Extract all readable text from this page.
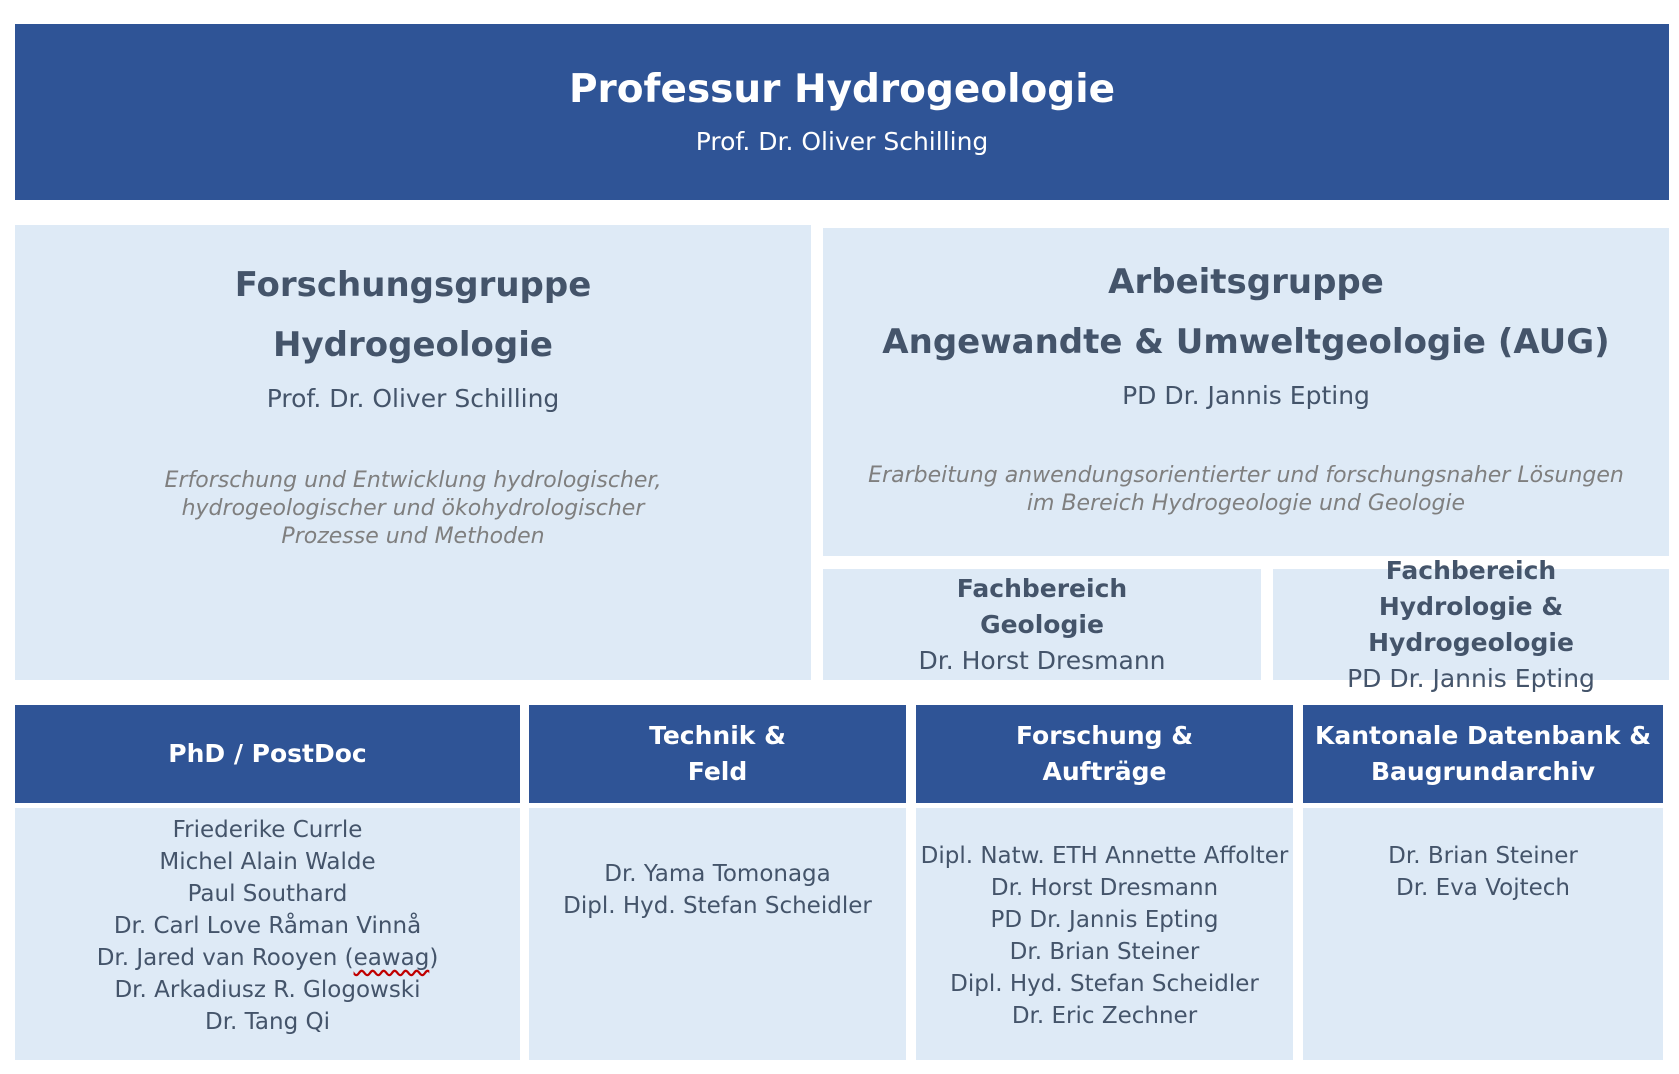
Professur Hydrogeologie
Prof. Dr. Oliver Schilling
Forschungsgruppe
Hydrogeologie
Prof. Dr. Oliver Schilling
Erforschung und Entwicklung hydrologischer,
hydrogeologischer und ökohydrologischer
Prozesse und Methoden
Arbeitsgruppe
Angewandte & Umweltgeologie (AUG)
PD Dr. Jannis Epting
Erarbeitung anwendungsorientierter und forschungsnaher Lösungen
im Bereich Hydrogeologie und Geologie
Fachbereich
Geologie
Dr. Horst Dresmann
Fachbereich
Hydrologie & Hydrogeologie
PD Dr. Jannis Epting
PhD / PostDoc
Friederike Currle
Michel Alain Walde
Paul Southard
Dr. Carl Love Råman Vinnå
Dr. Jared van Rooyen (eawag)
Dr. Arkadiusz R. Glogowski
Dr. Tang Qi
Technik &
Feld
Dr. Yama Tomonaga
Dipl. Hyd. Stefan Scheidler
Forschung &
Aufträge
Dipl. Natw. ETH Annette Affolter
Dr. Horst Dresmann
PD Dr. Jannis Epting
Dr. Brian Steiner
Dipl. Hyd. Stefan Scheidler
Dr. Eric Zechner
Kantonale Datenbank &
Baugrundarchiv
Dr. Brian Steiner
Dr. Eva Vojtech
